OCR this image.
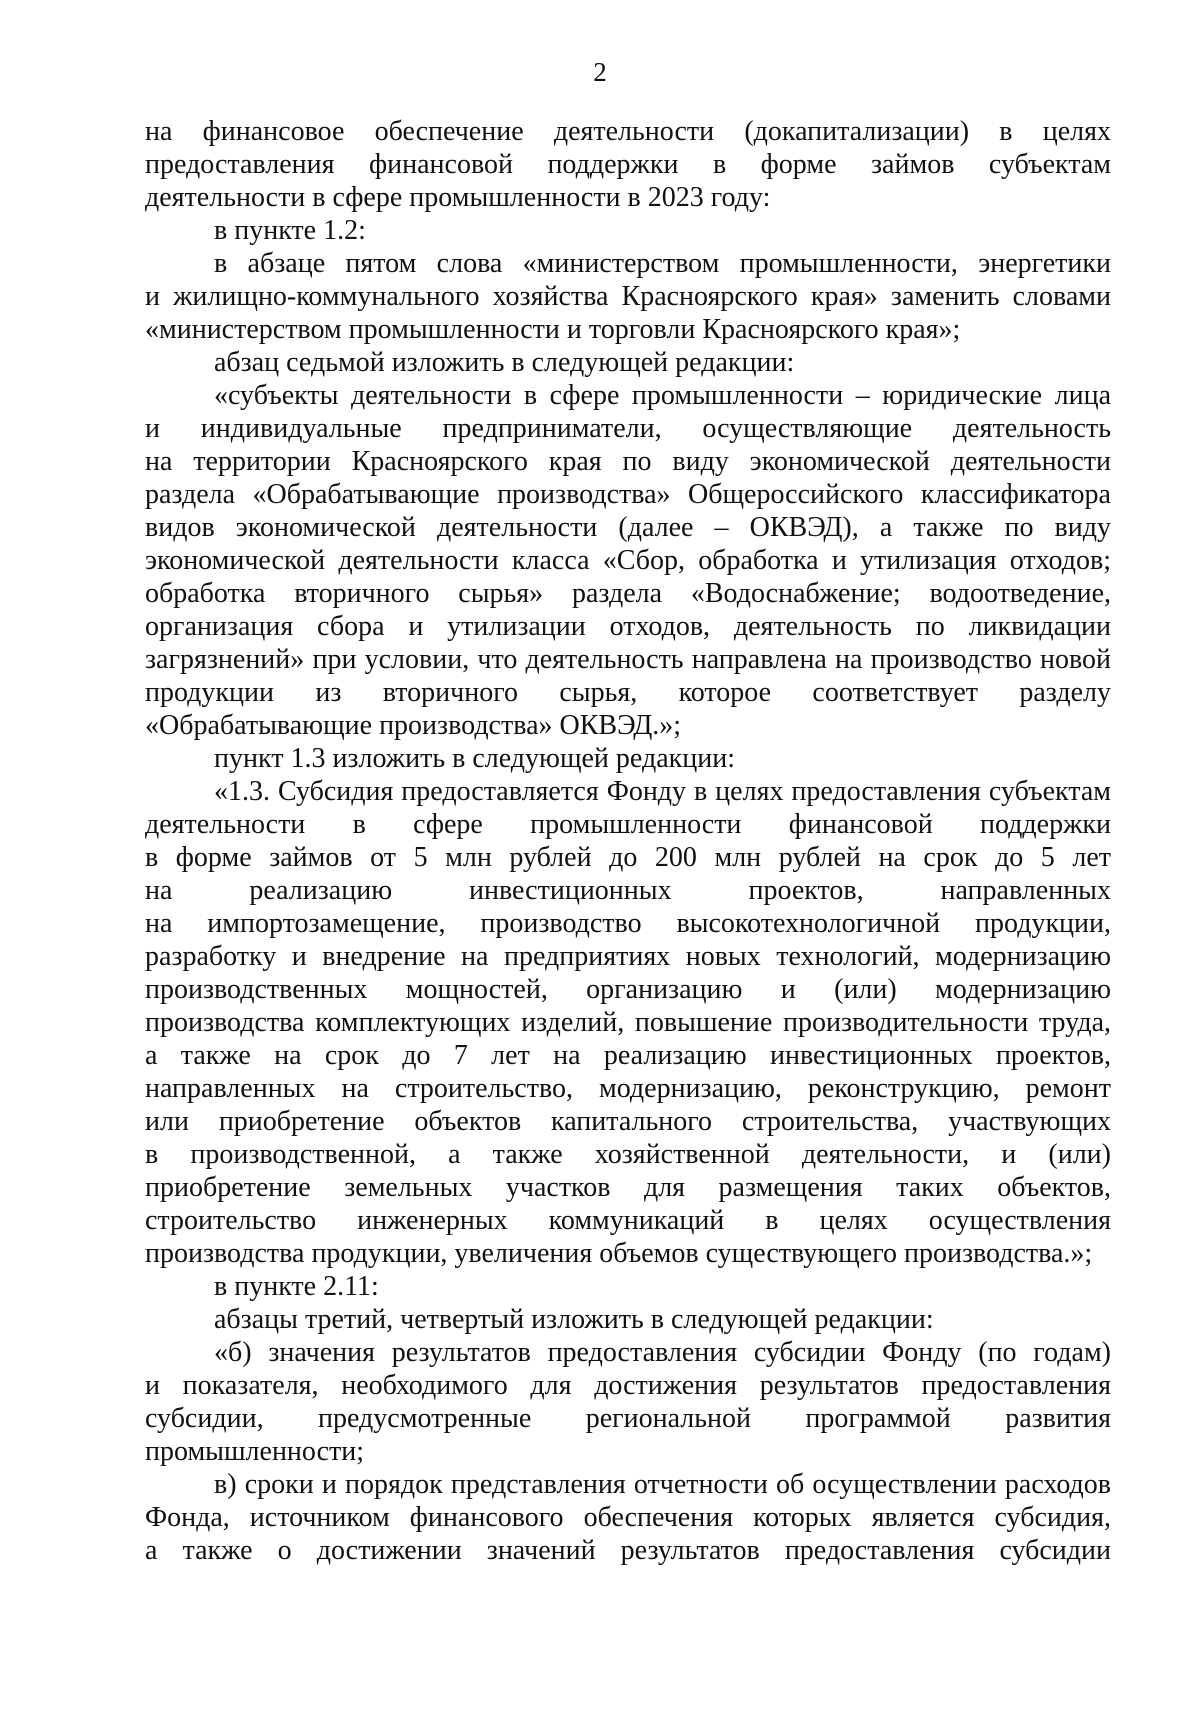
2
на финансовое обеспечение деятельности (докапитализации) в целях
предоставления финансовой поддержки в форме займов субъектам
деятельности в сфере промышленности в 2023 году:
в пункте 1.2:
в абзаце пятом слова «министерством промышленности, энергетики
и жилищно-коммунального хозяйства Красноярского края» заменить словами
«министерством промышленности и торговли Красноярского края»;
абзац седьмой изложить в следующей редакции:
«субъекты деятельности в сфере промышленности – юридические лица
и индивидуальные предприниматели, осуществляющие деятельность
на территории Красноярского края по виду экономической деятельности
раздела «Обрабатывающие производства» Общероссийского классификатора
видов экономической деятельности (далее – ОКВЭД), а также по виду
экономической деятельности класса «Сбор, обработка и утилизация отходов;
обработка вторичного сырья» раздела «Водоснабжение; водоотведение,
организация сбора и утилизации отходов, деятельность по ликвидации
загрязнений» при условии, что деятельность направлена на производство новой
продукции из вторичного сырья, которое соответствует разделу
«Обрабатывающие производства» ОКВЭД.»;
пункт 1.3 изложить в следующей редакции:
«1.3. Субсидия предоставляется Фонду в целях предоставления субъектам
деятельности в сфере промышленности финансовой поддержки
в форме займов от 5 млн рублей до 200 млн рублей на срок до 5 лет
на реализацию инвестиционных проектов, направленных
на импортозамещение, производство высокотехнологичной продукции,
разработку и внедрение на предприятиях новых технологий, модернизацию
производственных мощностей, организацию и (или) модернизацию
производства комплектующих изделий, повышение производительности труда,
а также на срок до 7 лет на реализацию инвестиционных проектов,
направленных на строительство, модернизацию, реконструкцию, ремонт
или приобретение объектов капитального строительства, участвующих
в производственной, а также хозяйственной деятельности, и (или)
приобретение земельных участков для размещения таких объектов,
строительство инженерных коммуникаций в целях осуществления
производства продукции, увеличения объемов существующего производства.»;
в пункте 2.11:
абзацы третий, четвертый изложить в следующей редакции:
«б) значения результатов предоставления субсидии Фонду (по годам)
и показателя, необходимого для достижения результатов предоставления
субсидии, предусмотренные региональной программой развития
промышленности;
в) сроки и порядок представления отчетности об осуществлении расходов
Фонда, источником финансового обеспечения которых является субсидия,
а также о достижении значений результатов предоставления субсидии
